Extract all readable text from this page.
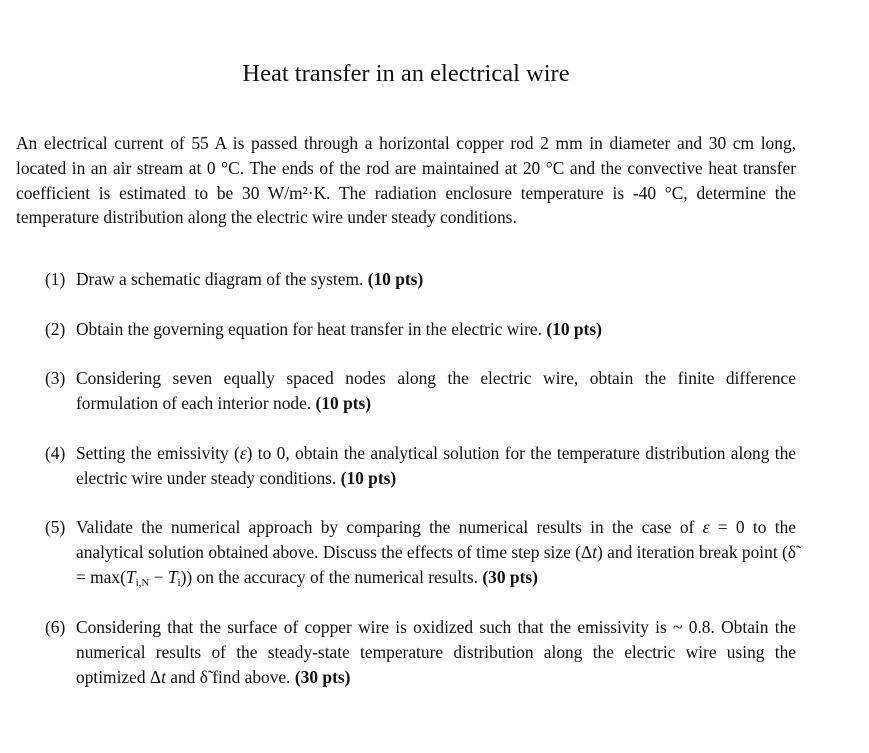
Heat transfer in an electrical wire
An electrical current of 55 A is passed through a horizontal copper rod 2 mm in diameter and 30 cm long, located in an air stream at 0 °C. The ends of the rod are maintained at 20 °C and the convective heat transfer coefficient is estimated to be 30 W/m²·K. The radiation enclosure temperature is -40 °C, determine the temperature distribution along the electric wire under steady conditions.
(1) Draw a schematic diagram of the system. (10 pts)
(2) Obtain the governing equation for heat transfer in the electric wire. (10 pts)
(3) Considering seven equally spaced nodes along the electric wire, obtain the finite difference formulation of each interior node. (10 pts)
(4) Setting the emissivity (ε) to 0, obtain the analytical solution for the temperature distribution along the electric wire under steady conditions. (10 pts)
(5) Validate the numerical approach by comparing the numerical results in the case of ε = 0 to the analytical solution obtained above. Discuss the effects of time step size (Δt) and iteration break point (δ̃ = $\max(T_{i,N} - T_i)$) on the accuracy of the numerical results. (30 pts)
(6) Considering that the surface of copper wire is oxidized such that the emissivity is ~ 0.8. Obtain the numerical results of the steady-state temperature distribution along the electric wire using the optimized Δt and δ̃ find above. (30 pts)
